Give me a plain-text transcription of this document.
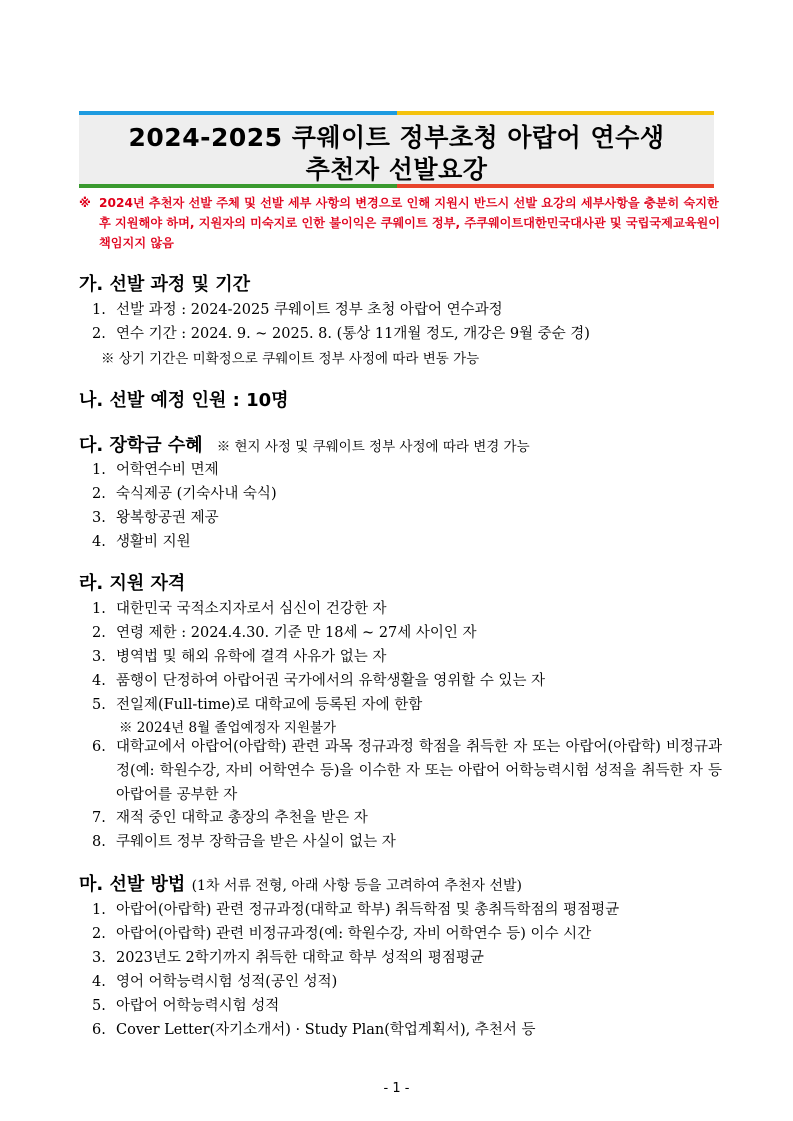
2024-2025 쿠웨이트 정부초청 아랍어 연수생
추천자 선발요강
※ 2024년 추천자 선발 주체 및 선발 세부 사항의 변경으로 인해 지원시 반드시 선발 요강의 세부사항을 충분히 숙지한 후 지원해야 하며, 지원자의 미숙지로 인한 불이익은 쿠웨이트 정부, 주쿠웨이트대한민국대사관 및 국립국제교육원이 책임지지 않음
가. 선발 과정 및 기간
1. 선발 과정 : 2024-2025 쿠웨이트 정부 초청 아랍어 연수과정
2. 연수 기간 : 2024. 9. ~ 2025. 8. (통상 11개월 정도, 개강은 9월 중순 경)
※ 상기 기간은 미확정으로 쿠웨이트 정부 사정에 따라 변동 가능
나. 선발 예정 인원 : 10명
다. 장학금 수혜 ※ 현지 사정 및 쿠웨이트 정부 사정에 따라 변경 가능
1. 어학연수비 면제
2. 숙식제공 (기숙사내 숙식)
3. 왕복항공권 제공
4. 생활비 지원
라. 지원 자격
1. 대한민국 국적소지자로서 심신이 건강한 자
2. 연령 제한 : 2024.4.30. 기준 만 18세 ~ 27세 사이인 자
3. 병역법 및 해외 유학에 결격 사유가 없는 자
4. 품행이 단정하여 아랍어권 국가에서의 유학생활을 영위할 수 있는 자
5. 전일제(Full-time)로 대학교에 등록된 자에 한함
※ 2024년 8월 졸업예정자 지원불가
6. 대학교에서 아랍어(아랍학) 관련 과목 정규과정 학점을 취득한 자 또는 아랍어(아랍학) 비정규과정(예: 학원수강, 자비 어학연수 등)을 이수한 자 또는 아랍어 어학능력시험 성적을 취득한 자 등 아랍어를 공부한 자
7. 재적 중인 대학교 총장의 추천을 받은 자
8. 쿠웨이트 정부 장학금을 받은 사실이 없는 자
마. 선발 방법 (1차 서류 전형, 아래 사항 등을 고려하여 추천자 선발)
1. 아랍어(아랍학) 관련 정규과정(대학교 학부) 취득학점 및 총취득학점의 평점평균
2. 아랍어(아랍학) 관련 비정규과정(예: 학원수강, 자비 어학연수 등) 이수 시간
3. 2023년도 2학기까지 취득한 대학교 학부 성적의 평점평균
4. 영어 어학능력시험 성적(공인 성적)
5. 아랍어 어학능력시험 성적
6. Cover Letter(자기소개서) · Study Plan(학업계획서), 추천서 등
- 1 -
